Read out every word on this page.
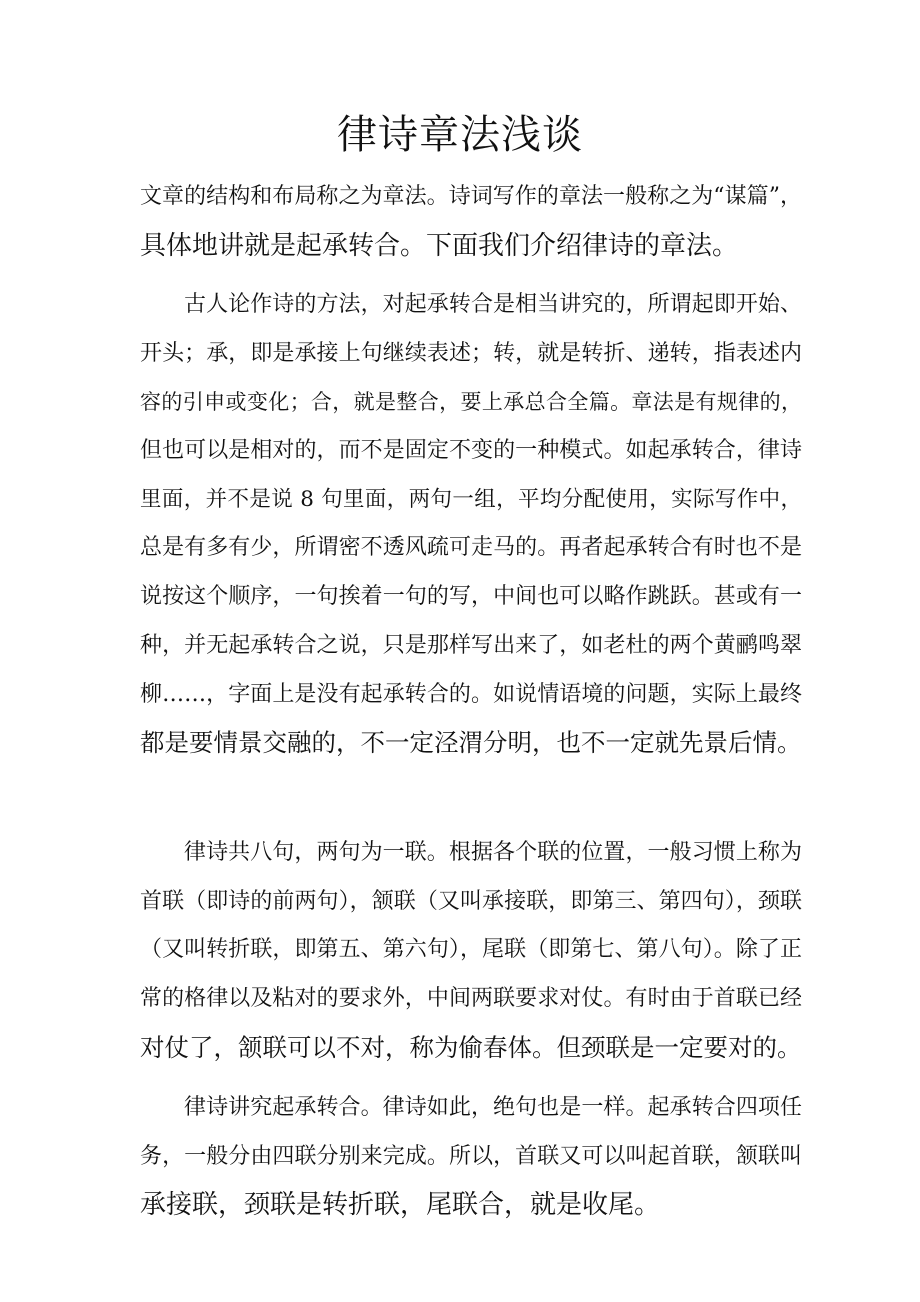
律诗章法浅谈
文章的结构和布局称之为章法。诗词写作的章法一般称之为“谋篇”，
具体地讲就是起承转合。下面我们介绍律诗的章法。
古人论作诗的方法，对起承转合是相当讲究的，所谓起即开始、
开头；承，即是承接上句继续表述；转，就是转折、递转，指表述内
容的引申或变化；合，就是整合，要上承总合全篇。章法是有规律的，
但也可以是相对的，而不是固定不变的一种模式。如起承转合，律诗
里面，并不是说 8 句里面，两句一组，平均分配使用，实际写作中，
总是有多有少，所谓密不透风疏可走马的。再者起承转合有时也不是
说按这个顺序，一句挨着一句的写，中间也可以略作跳跃。甚或有一
种，并无起承转合之说，只是那样写出来了，如老杜的两个黄鹂鸣翠
柳……，字面上是没有起承转合的。如说情语境的问题，实际上最终
都是要情景交融的，不一定泾渭分明，也不一定就先景后情。
律诗共八句，两句为一联。根据各个联的位置，一般习惯上称为
首联（即诗的前两句），颔联（又叫承接联，即第三、第四句），颈联
（又叫转折联，即第五、第六句），尾联（即第七、第八句）。除了正
常的格律以及粘对的要求外，中间两联要求对仗。有时由于首联已经
对仗了，颔联可以不对，称为偷春体。但颈联是一定要对的。
律诗讲究起承转合。律诗如此，绝句也是一样。起承转合四项任
务，一般分由四联分别来完成。所以，首联又可以叫起首联，颔联叫
承接联，颈联是转折联，尾联合，就是收尾。
